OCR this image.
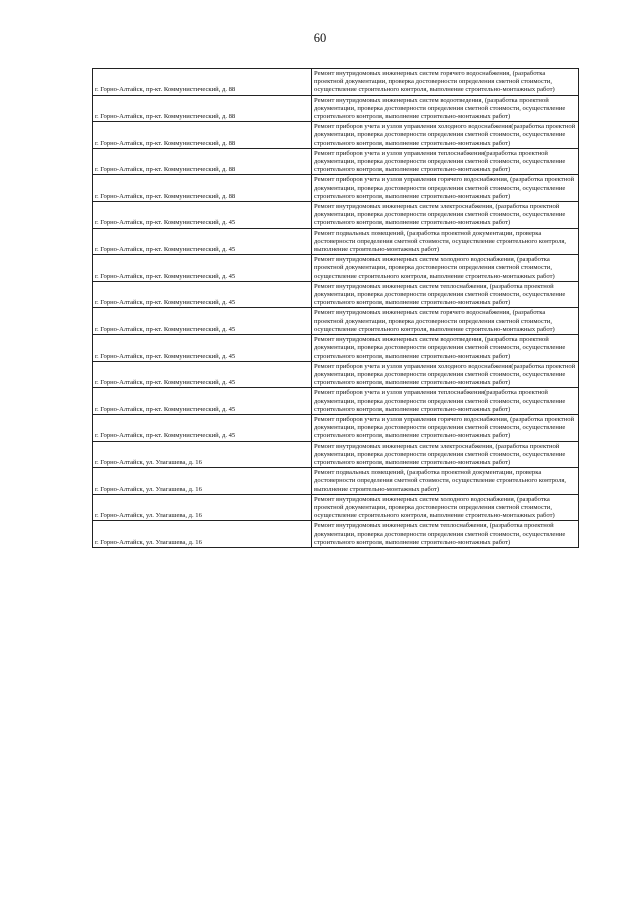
60
г. Горно-Алтайск, пр-кт. Коммунистический, д. 88	Ремонт внутридомовых инженерных систем горячего водоснабжения, (разработка проектной документации, проверка достоверности определения сметной стоимости, осуществление строительного контроля, выполнение строительно-монтажных работ)
г. Горно-Алтайск, пр-кт. Коммунистический, д. 88	Ремонт внутридомовых инженерных систем водоотведения, (разработка проектной документации, проверка достоверности определения сметной стоимости, осуществление строительного контроля, выполнение строительно-монтажных работ)
г. Горно-Алтайск, пр-кт. Коммунистический, д. 88	Ремонт приборов учета и узлов управления холодного водоснабжения(разработка проектной документации, проверка достоверности определения сметной стоимости, осуществление строительного контроля, выполнение строительно-монтажных работ)
г. Горно-Алтайск, пр-кт. Коммунистический, д. 88	Ремонт приборов учета и узлов управления теплоснабжения(разработка проектной документации, проверка достоверности определения сметной стоимости, осуществление строительного контроля, выполнение строительно-монтажных работ)
г. Горно-Алтайск, пр-кт. Коммунистический, д. 88	Ремонт приборов учета и узлов управления горячего водоснабжения, (разработка проектной документации, проверка достоверности определения сметной стоимости, осуществление строительного контроля, выполнение строительно-монтажных работ)
г. Горно-Алтайск, пр-кт. Коммунистический, д. 45	Ремонт внутридомовых инженерных систем электроснабжения, (разработка проектной документации, проверка достоверности определения сметной стоимости, осуществление строительного контроля, выполнение строительно-монтажных работ)
г. Горно-Алтайск, пр-кт. Коммунистический, д. 45	Ремонт подвальных помещений, (разработка проектной документации, проверка достоверности определения сметной стоимости, осуществление строительного контроля, выполнение строительно-монтажных работ)
г. Горно-Алтайск, пр-кт. Коммунистический, д. 45	Ремонт внутридомовых инженерных систем холодного водоснабжения, (разработка проектной документации, проверка достоверности определения сметной стоимости, осуществление строительного контроля, выполнение строительно-монтажных работ)
г. Горно-Алтайск, пр-кт. Коммунистический, д. 45	Ремонт внутридомовых инженерных систем теплоснабжения, (разработка проектной документации, проверка достоверности определения сметной стоимости, осуществление строительного контроля, выполнение строительно-монтажных работ)
г. Горно-Алтайск, пр-кт. Коммунистический, д. 45	Ремонт внутридомовых инженерных систем горячего водоснабжения, (разработка проектной документации, проверка достоверности определения сметной стоимости, осуществление строительного контроля, выполнение строительно-монтажных работ)
г. Горно-Алтайск, пр-кт. Коммунистический, д. 45	Ремонт внутридомовых инженерных систем водоотведения, (разработка проектной документации, проверка достоверности определения сметной стоимости, осуществление строительного контроля, выполнение строительно-монтажных работ)
г. Горно-Алтайск, пр-кт. Коммунистический, д. 45	Ремонт приборов учета и узлов управления холодного водоснабжения(разработка проектной документации, проверка достоверности определения сметной стоимости, осуществление строительного контроля, выполнение строительно-монтажных работ)
г. Горно-Алтайск, пр-кт. Коммунистический, д. 45	Ремонт приборов учета и узлов управления теплоснабжения(разработка проектной документации, проверка достоверности определения сметной стоимости, осуществление строительного контроля, выполнение строительно-монтажных работ)
г. Горно-Алтайск, пр-кт. Коммунистический, д. 45	Ремонт приборов учета и узлов управления горячего водоснабжения, (разработка проектной документации, проверка достоверности определения сметной стоимости, осуществление строительного контроля, выполнение строительно-монтажных работ)
г. Горно-Алтайск, ул. Улагашева, д. 16	Ремонт внутридомовых инженерных систем электроснабжения, (разработка проектной документации, проверка достоверности определения сметной стоимости, осуществление строительного контроля, выполнение строительно-монтажных работ)
г. Горно-Алтайск, ул. Улагашева, д. 16	Ремонт подвальных помещений, (разработка проектной документации, проверка достоверности определения сметной стоимости, осуществление строительного контроля, выполнение строительно-монтажных работ)
г. Горно-Алтайск, ул. Улагашева, д. 16	Ремонт внутридомовых инженерных систем холодного водоснабжения, (разработка проектной документации, проверка достоверности определения сметной стоимости, осуществление строительного контроля, выполнение строительно-монтажных работ)
г. Горно-Алтайск, ул. Улагашева, д. 16	Ремонт внутридомовых инженерных систем теплоснабжения, (разработка проектной документации, проверка достоверности определения сметной стоимости, осуществление строительного контроля, выполнение строительно-монтажных работ)
